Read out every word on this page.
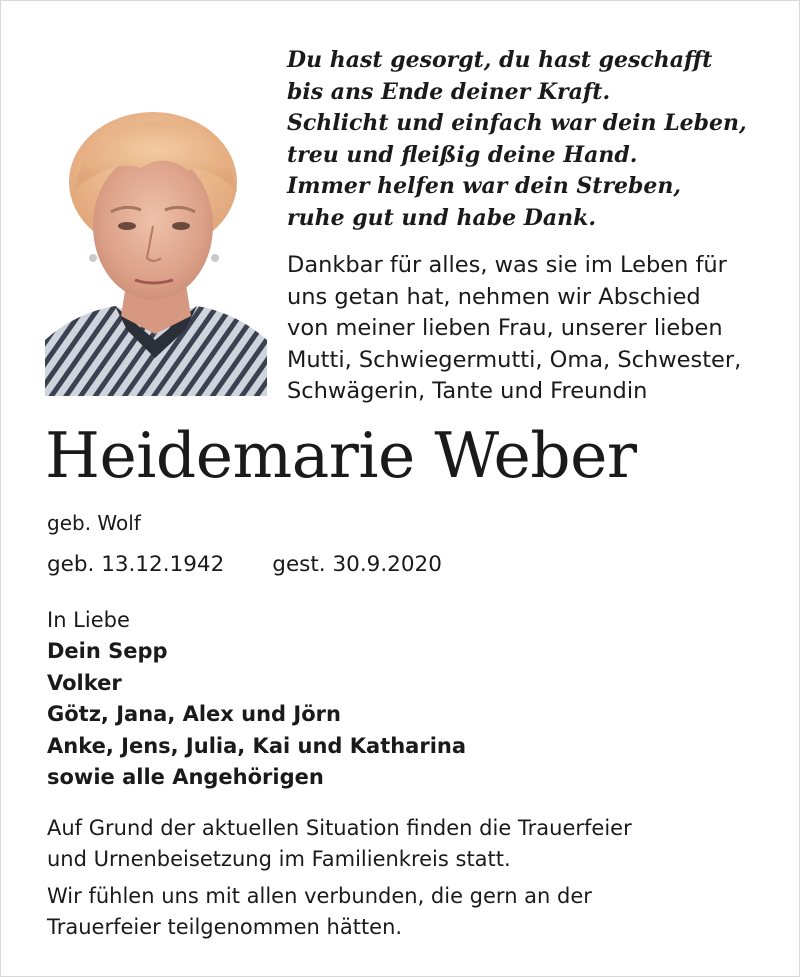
Du hast gesorgt, du hast geschafft
bis ans Ende deiner Kraft.
Schlicht und einfach war dein Leben,
treu und fleißig deine Hand.
Immer helfen war dein Streben,
ruhe gut und habe Dank.
Dankbar für alles, was sie im Leben für
uns getan hat, nehmen wir Abschied
von meiner lieben Frau, unserer lieben
Mutti, Schwiegermutti, Oma, Schwester,
Schwägerin, Tante und Freundin
Heidemarie Weber
geb. Wolf
geb. 13.12.1942 gest. 30.9.2020
In Liebe
Dein Sepp
Volker
Götz, Jana, Alex und Jörn
Anke, Jens, Julia, Kai und Katharina
sowie alle Angehörigen
Auf Grund der aktuellen Situation finden die Trauerfeier
und Urnenbeisetzung im Familienkreis statt.
Wir fühlen uns mit allen verbunden, die gern an der
Trauerfeier teilgenommen hätten.
